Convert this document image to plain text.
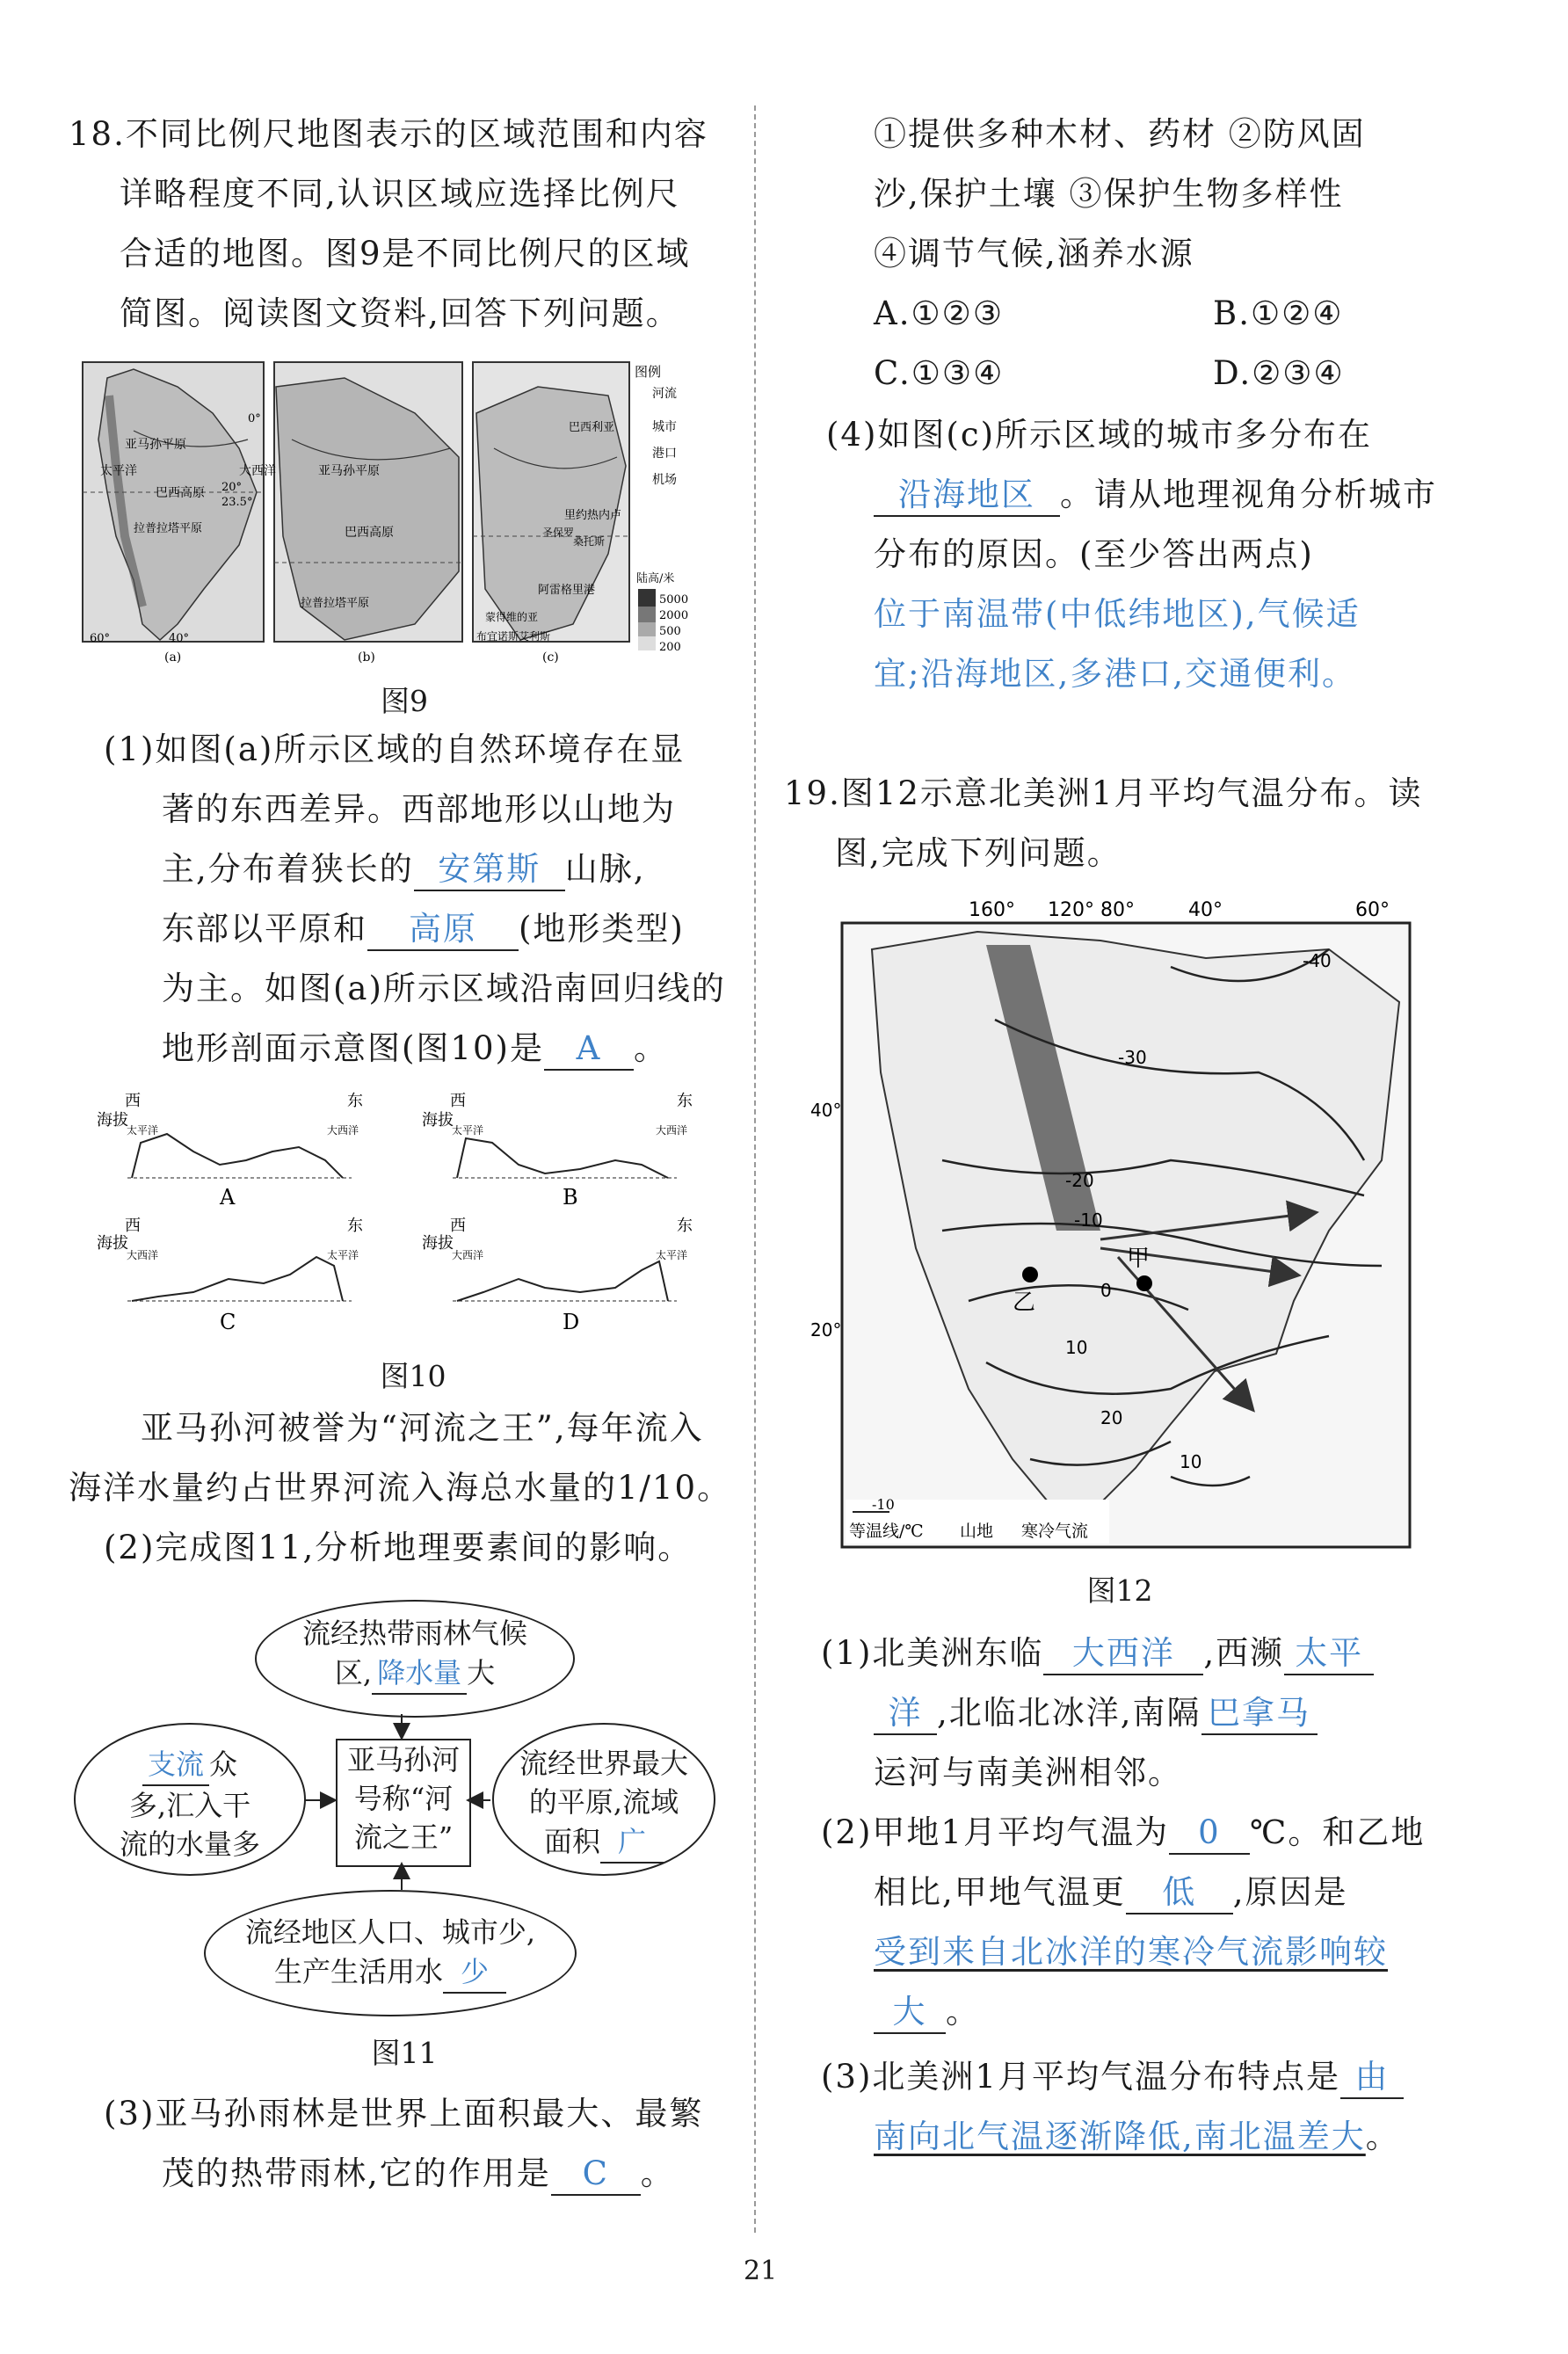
18.不同比例尺地图表示的区域范围和内容
详略程度不同,认识区域应选择比例尺
合适的地图。图9是不同比例尺的区域
简图。阅读图文资料,回答下列问题。
亚马孙平原
巴西高原
拉普拉塔平原
亚马孙平原
巴西高原
拉普拉塔平原
巴西利亚
里约热内卢
圣保罗
桑托斯
阿雷格里港
蒙得维的亚
布宜诺斯艾利斯
图例
河流
城市
港口
机场
陆高/米
5000
2000
500
200
0°
20°
23.5°
40°
60°
太平洋	大西洋
(a)	(b)	(c)
图9
(1)如图(a)所示区域的自然环境存在显
著的东西差异。西部地形以山地为
主,分布着狭长的 安第斯 山脉,
东部以平原和 高原 (地形类型)
为主。如图(a)所示区域沿南回归线的
地形剖面示意图(图10)是 A 。
海拔
西	东
太平洋	大西洋
A
海拔
西	东
太平洋	大西洋
B
海拔
西	东
大西洋	太平洋
C
海拔
西	东
大西洋	太平洋
D
图10
亚马孙河被誉为“河流之王”,每年流入
海洋水量约占世界河流入海总水量的1/10。
(2)完成图11,分析地理要素间的影响。
流经热带雨林气候
区, 降水量 大
支流 众
多,汇入干
流的水量多
亚马孙河
号称“河
流之王”
流经世界最大
的平原,流域
面积 广
流经地区人口、城市少,
生产生活用水 少
图11
(3)亚马孙雨林是世界上面积最大、最繁
茂的热带雨林,它的作用是 C 。
①提供多种木材、药材 ②防风固
沙,保护土壤 ③保护生物多样性
④调节气候,涵养水源
A.①②③	B.①②④
C.①③④	D.②③④
(4)如图(c)所示区域的城市多分布在
沿海地区 。请从地理视角分析城市
分布的原因。(至少答出两点)
位于南温带(中低纬地区),气候适
宜;沿海地区,多港口,交通便利。
19.图12示意北美洲1月平均气温分布。读
图,完成下列问题。
甲
乙
160° 120° 80°	40°	60°
-40
-30
-20
-10
0
10
20
10
40°
20°
-10
等温线/℃ 山地 寒冷气流
图12
(1)北美洲东临 大西洋 ,西濒 太平
洋 ,北临北冰洋,南隔 巴拿马
运河与南美洲相邻。
(2)甲地1月平均气温为 0 ℃。和乙地
相比,甲地气温更 低 ,原因是
受到来自北冰洋的寒冷气流影响较
大 。
(3)北美洲1月平均气温分布特点是 由
南向北气温逐渐降低,南北温差大。
21
